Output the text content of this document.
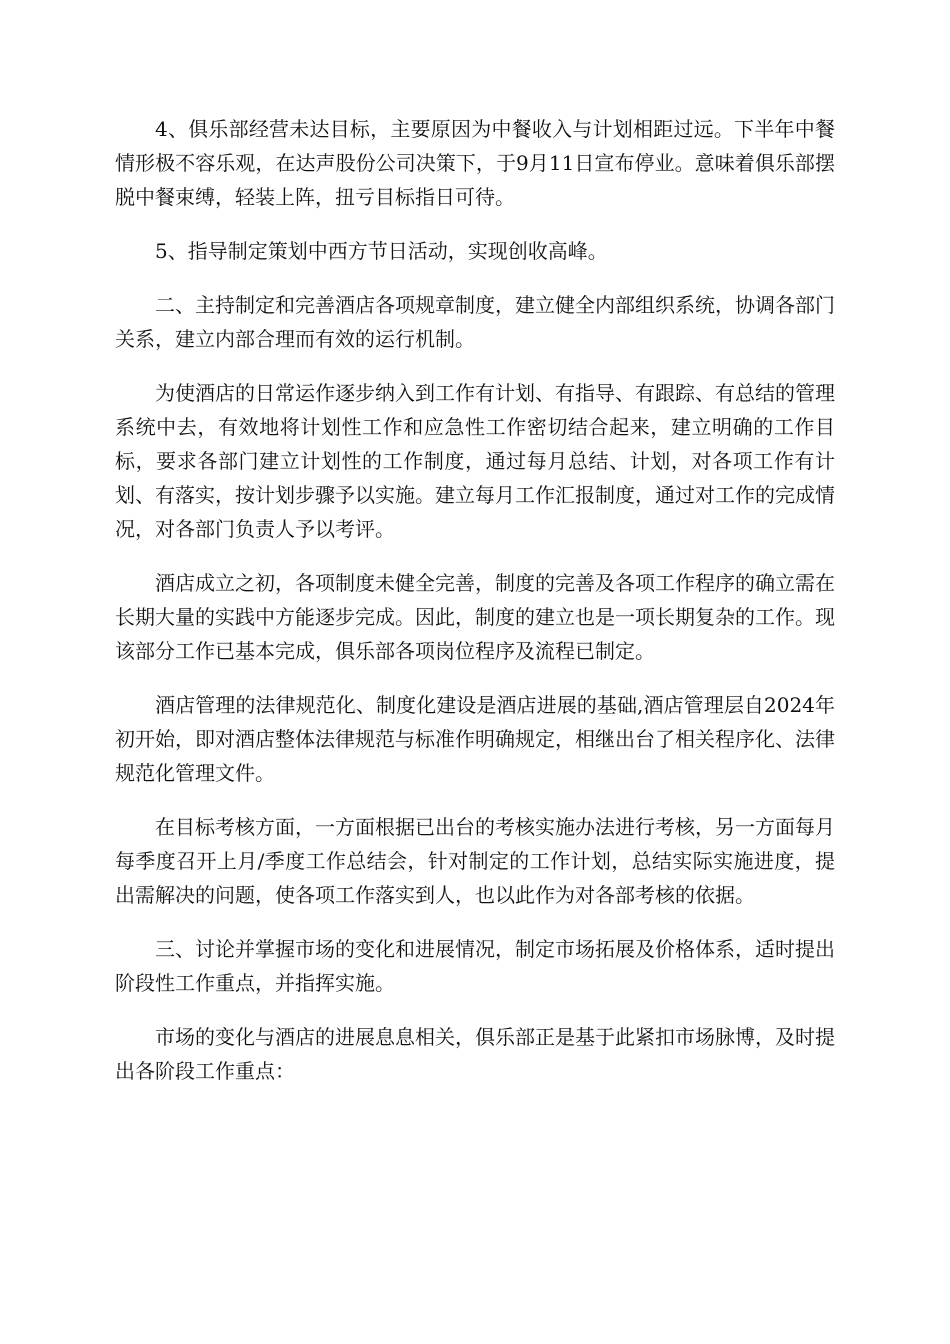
4、俱乐部经营未达目标，主要原因为中餐收入与计划相距过远。下半年中餐情形极不容乐观，在达声股份公司决策下，于9月11日宣布停业。意味着俱乐部摆脱中餐束缚，轻装上阵，扭亏目标指日可待。

5、指导制定策划中西方节日活动，实现创收高峰。

二、主持制定和完善酒店各项规章制度，建立健全内部组织系统，协调各部门关系，建立内部合理而有效的运行机制。

为使酒店的日常运作逐步纳入到工作有计划、有指导、有跟踪、有总结的管理系统中去，有效地将计划性工作和应急性工作密切结合起来，建立明确的工作目标，要求各部门建立计划性的工作制度，通过每月总结、计划，对各项工作有计划、有落实，按计划步骤予以实施。建立每月工作汇报制度，通过对工作的完成情况，对各部门负责人予以考评。

酒店成立之初，各项制度未健全完善，制度的完善及各项工作程序的确立需在长期大量的实践中方能逐步完成。因此，制度的建立也是一项长期复杂的工作。现该部分工作已基本完成，俱乐部各项岗位程序及流程已制定。

酒店管理的法律规范化、制度化建设是酒店进展的基础,酒店管理层自2024年初开始，即对酒店整体法律规范与标准作明确规定，相继出台了相关程序化、法律规范化管理文件。

在目标考核方面，一方面根据已出台的考核实施办法进行考核，另一方面每月每季度召开上月/季度工作总结会，针对制定的工作计划，总结实际实施进度，提出需解决的问题，使各项工作落实到人，也以此作为对各部考核的依据。

三、讨论并掌握市场的变化和进展情况，制定市场拓展及价格体系，适时提出阶段性工作重点，并指挥实施。

市场的变化与酒店的进展息息相关，俱乐部正是基于此紧扣市场脉博，及时提出各阶段工作重点：
